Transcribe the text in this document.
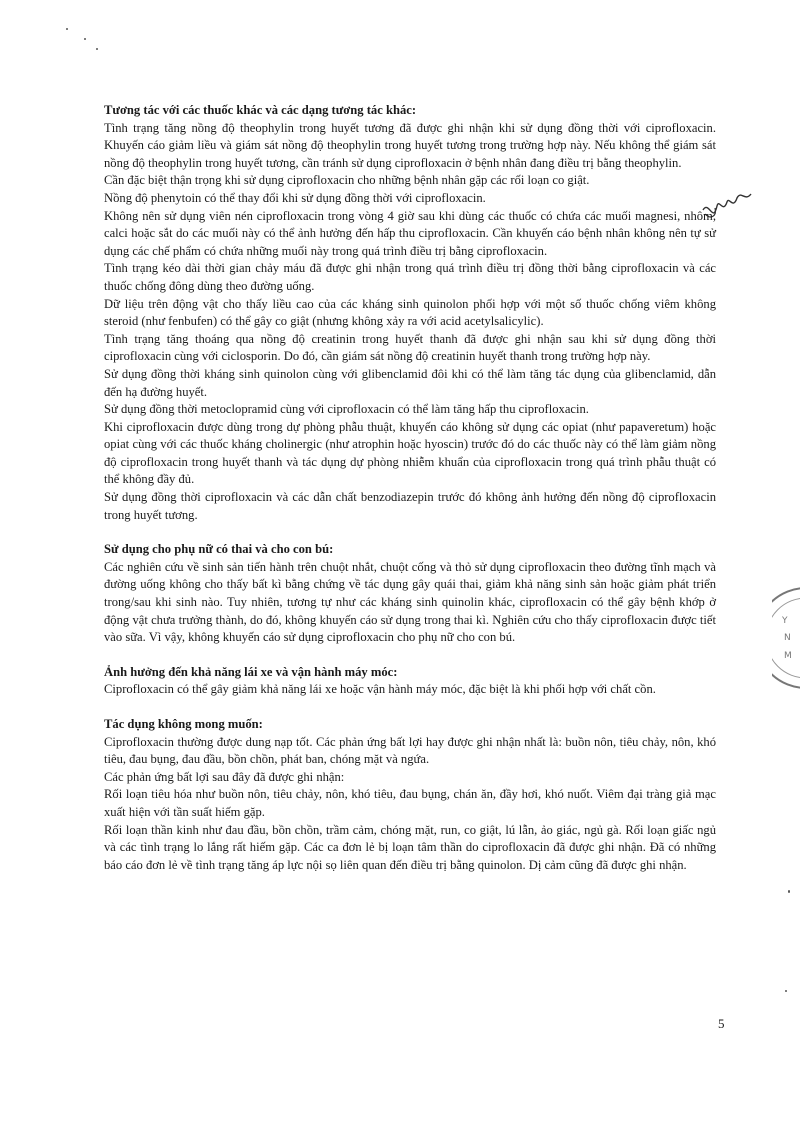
Y
N
M

Tương tác với các thuốc khác và các dạng tương tác khác:

Tình trạng tăng nồng độ theophylin trong huyết tương đã được ghi nhận khi sử dụng đồng thời với ciprofloxacin. Khuyến cáo giảm liều và giám sát nồng độ theophylin trong huyết tương trong trường hợp này. Nếu không thể giám sát nồng độ theophylin trong huyết tương, cần tránh sử dụng ciprofloxacin ở bệnh nhân đang điều trị bằng theophylin.

Cần đặc biệt thận trọng khi sử dụng ciprofloxacin cho những bệnh nhân gặp các rối loạn co giật.

Nồng độ phenytoin có thể thay đổi khi sử dụng đồng thời với ciprofloxacin.

Không nên sử dụng viên nén ciprofloxacin trong vòng 4 giờ sau khi dùng các thuốc có chứa các muối magnesi, nhôm, calci hoặc sắt do các muối này có thể ảnh hưởng đến hấp thu ciprofloxacin. Cần khuyến cáo bệnh nhân không nên tự sử dụng các chế phẩm có chứa những muối này trong quá trình điều trị bằng ciprofloxacin.

Tình trạng kéo dài thời gian chảy máu đã được ghi nhận trong quá trình điều trị đồng thời bằng ciprofloxacin và các thuốc chống đông dùng theo đường uống.

Dữ liệu trên động vật cho thấy liều cao của các kháng sinh quinolon phối hợp với một số thuốc chống viêm không steroid (như fenbufen) có thể gây co giật (nhưng không xảy ra với acid acetylsalicylic).

Tình trạng tăng thoáng qua nồng độ creatinin trong huyết thanh đã được ghi nhận sau khi sử dụng đồng thời ciprofloxacin cùng với ciclosporin. Do đó, cần giám sát nồng độ creatinin huyết thanh trong trường hợp này.

Sử dụng đồng thời kháng sinh quinolon cùng với glibenclamid đôi khi có thể làm tăng tác dụng của glibenclamid, dẫn đến hạ đường huyết.

Sử dụng đồng thời metoclopramid cùng với ciprofloxacin có thể làm tăng hấp thu ciprofloxacin.

Khi ciprofloxacin được dùng trong dự phòng phẫu thuật, khuyến cáo không sử dụng các opiat (như papaveretum) hoặc opiat cùng với các thuốc kháng cholinergic (như atrophin hoặc hyoscin) trước đó do các thuốc này có thể làm giảm nồng độ ciprofloxacin trong huyết thanh và tác dụng dự phòng nhiễm khuẩn của ciprofloxacin trong quá trình phẫu thuật có thể không đầy đủ.

Sử dụng đồng thời ciprofloxacin và các dẫn chất benzodiazepin trước đó không ảnh hưởng đến nồng độ ciprofloxacin trong huyết tương.

Sử dụng cho phụ nữ có thai và cho con bú:

Các nghiên cứu về sinh sản tiến hành trên chuột nhắt, chuột cống và thỏ sử dụng ciprofloxacin theo đường tĩnh mạch và đường uống không cho thấy bất kì bằng chứng về tác dụng gây quái thai, giảm khả năng sinh sản hoặc giảm phát triển trong/sau khi sinh nào. Tuy nhiên, tương tự như các kháng sinh quinolin khác, ciprofloxacin có thể gây bệnh khớp ở động vật chưa trưởng thành, do đó, không khuyến cáo sử dụng trong thai kì. Nghiên cứu cho thấy ciprofloxacin được tiết vào sữa. Vì vậy, không khuyến cáo sử dụng ciprofloxacin cho phụ nữ cho con bú.

Ảnh hưởng đến khả năng lái xe và vận hành máy móc:

Ciprofloxacin có thể gây giảm khả năng lái xe hoặc vận hành máy móc, đặc biệt là khi phối hợp với chất cồn.

Tác dụng không mong muốn:

Ciprofloxacin thường được dung nạp tốt. Các phản ứng bất lợi hay được ghi nhận nhất là: buồn nôn, tiêu chảy, nôn, khó tiêu, đau bụng, đau đầu, bồn chồn, phát ban, chóng mặt và ngứa.

Các phản ứng bất lợi sau đây đã được ghi nhận:

Rối loạn tiêu hóa như buồn nôn, tiêu chảy, nôn, khó tiêu, đau bụng, chán ăn, đầy hơi, khó nuốt. Viêm đại tràng giả mạc xuất hiện với tần suất hiếm gặp.

Rối loạn thần kinh như đau đầu, bồn chồn, trầm cảm, chóng mặt, run, co giật, lú lẫn, ảo giác, ngủ gà. Rối loạn giấc ngủ và các tình trạng lo lắng rất hiếm gặp. Các ca đơn lẻ bị loạn tâm thần do ciprofloxacin đã được ghi nhận. Đã có những báo cáo đơn lẻ về tình trạng tăng áp lực nội sọ liên quan đến điều trị bằng quinolon. Dị cảm cũng đã được ghi nhận.

5
